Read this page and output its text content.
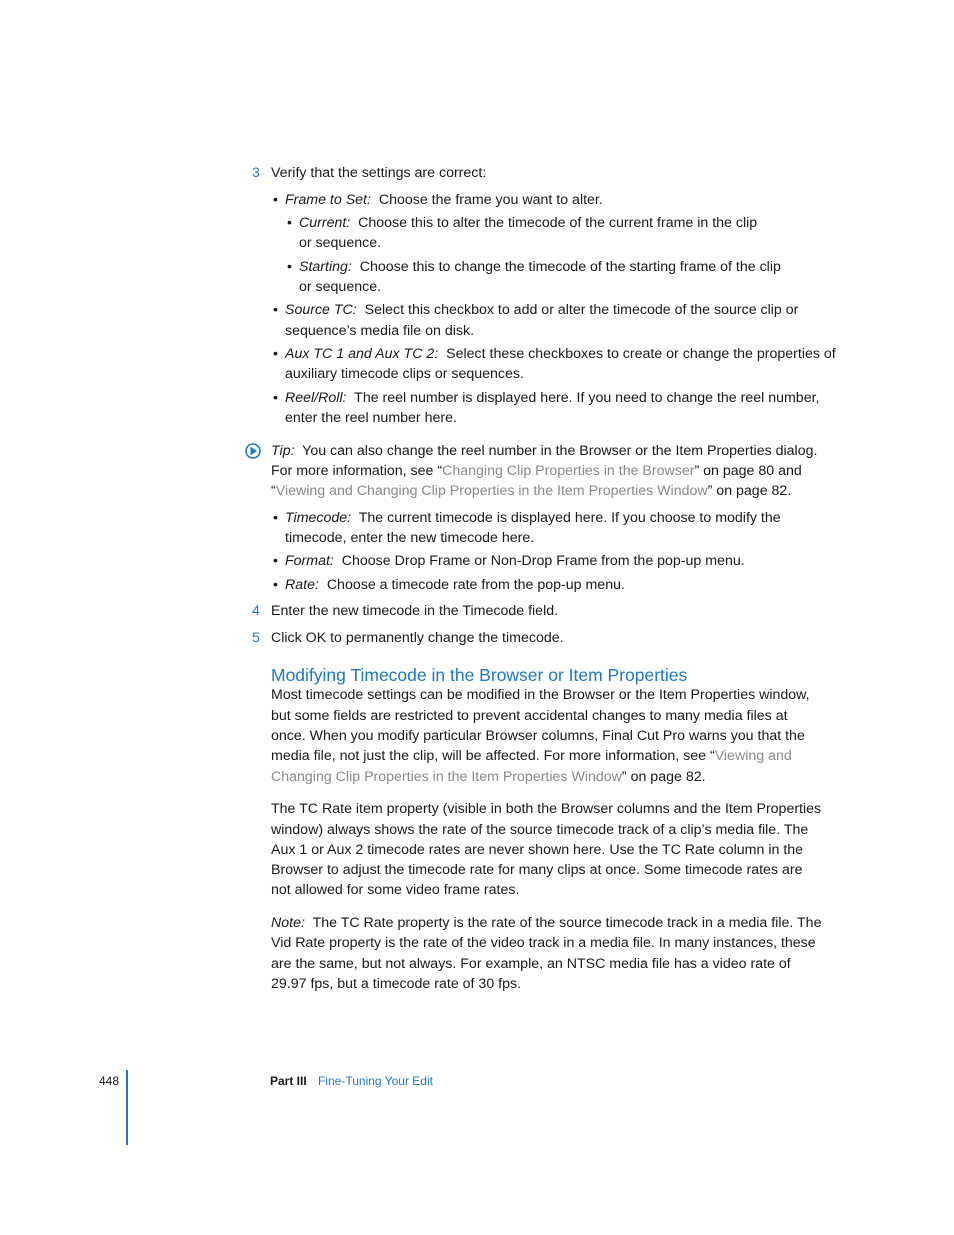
3 Verify that the settings are correct:
• Frame to Set: Choose the frame you want to alter.
• Current: Choose this to alter the timecode of the current frame in the clip
or sequence.
• Starting: Choose this to change the timecode of the starting frame of the clip
or sequence.
• Source TC: Select this checkbox to add or alter the timecode of the source clip or
sequence’s media file on disk.
• Aux TC 1 and Aux TC 2: Select these checkboxes to create or change the properties of
auxiliary timecode clips or sequences.
• Reel/Roll: The reel number is displayed here. If you need to change the reel number,
enter the reel number here.
Tip: You can also change the reel number in the Browser or the Item Properties dialog.
For more information, see “Changing Clip Properties in the Browser” on page 80 and
“Viewing and Changing Clip Properties in the Item Properties Window” on page 82.
• Timecode: The current timecode is displayed here. If you choose to modify the
timecode, enter the new timecode here.
• Format: Choose Drop Frame or Non-Drop Frame from the pop-up menu.
• Rate: Choose a timecode rate from the pop-up menu.
4 Enter the new timecode in the Timecode field.
5 Click OK to permanently change the timecode.
Modifying Timecode in the Browser or Item Properties
Most timecode settings can be modified in the Browser or the Item Properties window,
but some fields are restricted to prevent accidental changes to many media files at
once. When you modify particular Browser columns, Final Cut Pro warns you that the
media file, not just the clip, will be affected. For more information, see “Viewing and
Changing Clip Properties in the Item Properties Window” on page 82.
The TC Rate item property (visible in both the Browser columns and the Item Properties
window) always shows the rate of the source timecode track of a clip’s media file. The
Aux 1 or Aux 2 timecode rates are never shown here. Use the TC Rate column in the
Browser to adjust the timecode rate for many clips at once. Some timecode rates are
not allowed for some video frame rates.
Note: The TC Rate property is the rate of the source timecode track in a media file. The
Vid Rate property is the rate of the video track in a media file. In many instances, these
are the same, but not always. For example, an NTSC media file has a video rate of
29.97 fps, but a timecode rate of 30 fps.
448	Part III Fine-Tuning Your Edit
